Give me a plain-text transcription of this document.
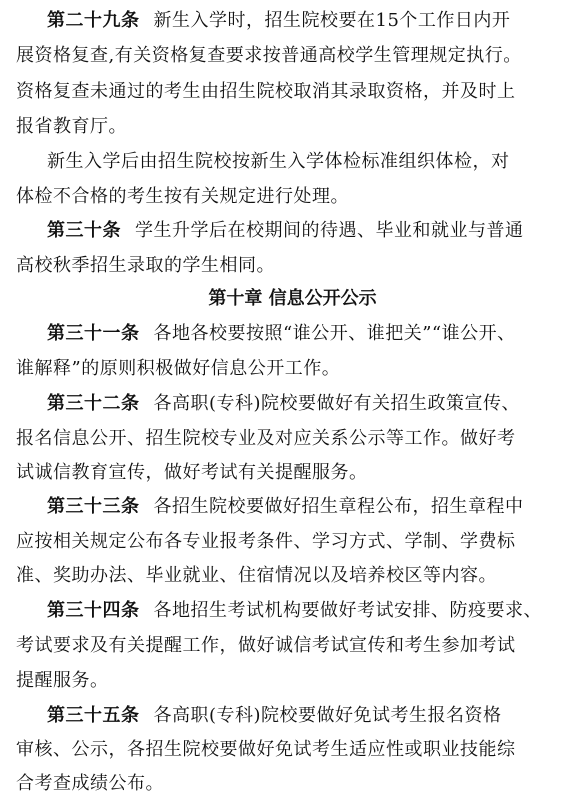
第二十九条 新生入学时，招生院校要在15个工作日内开
展资格复查,有关资格复查要求按普通高校学生管理规定执行。
资格复查未通过的考生由招生院校取消其录取资格，并及时上
报省教育厅。
新生入学后由招生院校按新生入学体检标准组织体检，对
体检不合格的考生按有关规定进行处理。
第三十条 学生升学后在校期间的待遇、毕业和就业与普通
高校秋季招生录取的学生相同。
第十章 信息公开公示
第三十一条 各地各校要按照“谁公开、谁把关”“谁公开、
谁解释”的原则积极做好信息公开工作。
第三十二条 各高职(专科)院校要做好有关招生政策宣传、
报名信息公开、招生院校专业及对应关系公示等工作。做好考
试诚信教育宣传，做好考试有关提醒服务。
第三十三条 各招生院校要做好招生章程公布，招生章程中
应按相关规定公布各专业报考条件、学习方式、学制、学费标
准、奖助办法、毕业就业、住宿情况以及培养校区等内容。
第三十四条 各地招生考试机构要做好考试安排、防疫要求、
考试要求及有关提醒工作，做好诚信考试宣传和考生参加考试
提醒服务。
第三十五条 各高职(专科)院校要做好免试考生报名资格
审核、公示，各招生院校要做好免试考生适应性或职业技能综
合考查成绩公布。
